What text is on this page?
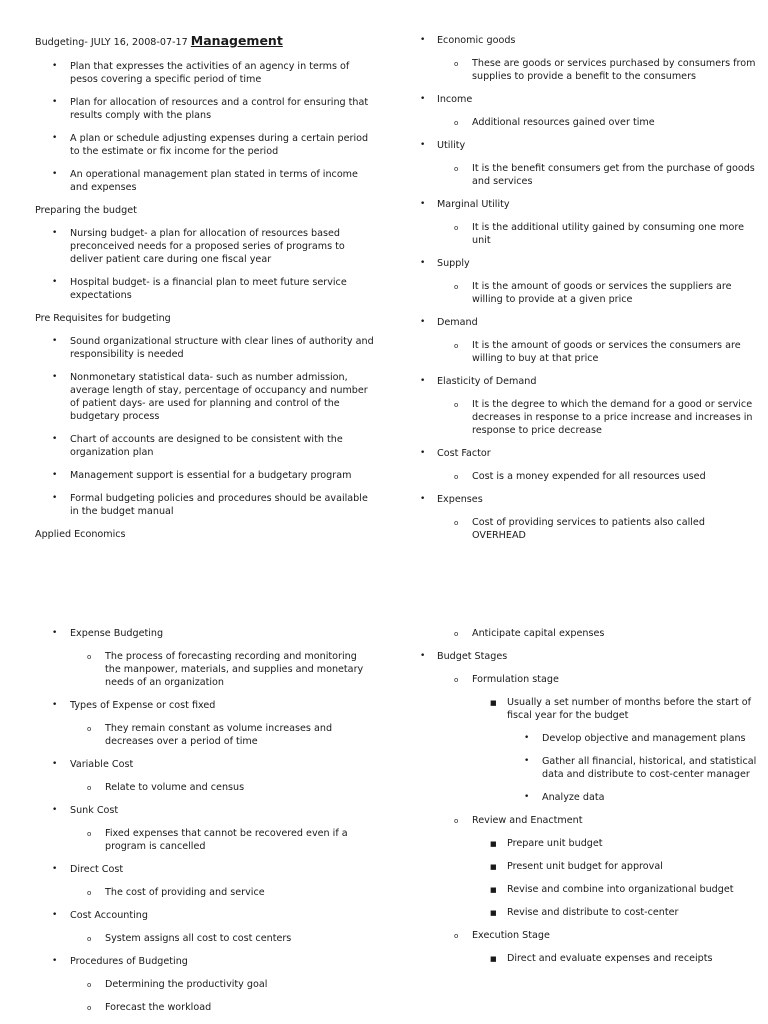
Budgeting- JULY 16, 2008-07-17 Management
• Plan that expresses the activities of an agency in terms of pesos covering a specific period of time
• Plan for allocation of resources and a control for ensuring that results comply with the plans
• A plan or schedule adjusting expenses during a certain period to the estimate or fix income for the period
• An operational management plan stated in terms of income and expenses
Preparing the budget
• Nursing budget- a plan for allocation of resources based preconceived needs for a proposed series of programs to deliver patient care during one fiscal year
• Hospital budget- is a financial plan to meet future service expectations
Pre Requisites for budgeting
• Sound organizational structure with clear lines of authority and responsibility is needed
• Nonmonetary statistical data- such as number admission, average length of stay, percentage of occupancy and number of patient days- are used for planning and control of the budgetary process
• Chart of accounts are designed to be consistent with the organization plan
• Management support is essential for a budgetary program
• Formal budgeting policies and procedures should be available in the budget manual
Applied Economics
• Economic goods
o These are goods or services purchased by consumers from supplies to provide a benefit to the consumers
• Income
o Additional resources gained over time
• Utility
o It is the benefit consumers get from the purchase of goods and services
• Marginal Utility
o It is the additional utility gained by consuming one more unit
• Supply
o It is the amount of goods or services the suppliers are willing to provide at a given price
• Demand
o It is the amount of goods or services the consumers are willing to buy at that price
• Elasticity of Demand
o It is the degree to which the demand for a good or service decreases in response to a price increase and increases in response to price decrease
• Cost Factor
o Cost is a money expended for all resources used
• Expenses
o Cost of providing services to patients also called OVERHEAD
• Expense Budgeting
o The process of forecasting recording and monitoring the manpower, materials, and supplies and monetary needs of an organization
• Types of Expense or cost fixed
o They remain constant as volume increases and decreases over a period of time
• Variable Cost
o Relate to volume and census
• Sunk Cost
o Fixed expenses that cannot be recovered even if a program is cancelled
• Direct Cost
o The cost of providing and service
• Cost Accounting
o System assigns all cost to cost centers
• Procedures of Budgeting
o Determining the productivity goal
o Forecast the workload
o Anticipate capital expenses
• Budget Stages
o Formulation stage
■ Usually a set number of months before the start of fiscal year for the budget
• Develop objective and management plans
• Gather all financial, historical, and statistical data and distribute to cost-center manager
• Analyze data
o Review and Enactment
■ Prepare unit budget
■ Present unit budget for approval
■ Revise and combine into organizational budget
■ Revise and distribute to cost-center
o Execution Stage
■ Direct and evaluate expenses and receipts
